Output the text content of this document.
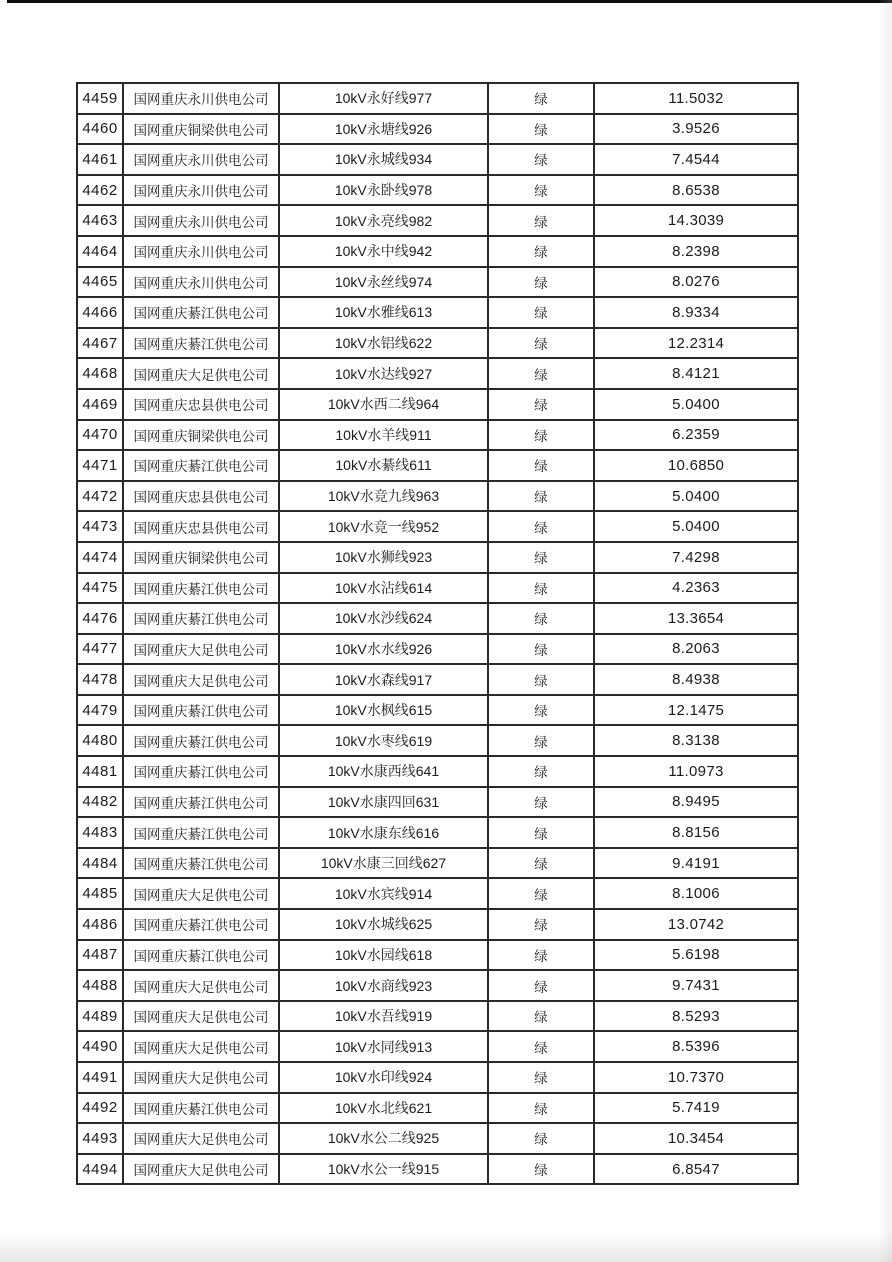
4459	国网重庆永川供电公司	10kV永好线977	绿	11.5032
4460	国网重庆铜梁供电公司	10kV永塘线926	绿	3.9526
4461	国网重庆永川供电公司	10kV永城线934	绿	7.4544
4462	国网重庆永川供电公司	10kV永卧线978	绿	8.6538
4463	国网重庆永川供电公司	10kV永亮线982	绿	14.3039
4464	国网重庆永川供电公司	10kV永中线942	绿	8.2398
4465	国网重庆永川供电公司	10kV永丝线974	绿	8.0276
4466	国网重庆綦江供电公司	10kV水雅线613	绿	8.9334
4467	国网重庆綦江供电公司	10kV水铝线622	绿	12.2314
4468	国网重庆大足供电公司	10kV水达线927	绿	8.4121
4469	国网重庆忠县供电公司	10kV水西二线964	绿	5.0400
4470	国网重庆铜梁供电公司	10kV水羊线911	绿	6.2359
4471	国网重庆綦江供电公司	10kV水綦线611	绿	10.6850
4472	国网重庆忠县供电公司	10kV水竞九线963	绿	5.0400
4473	国网重庆忠县供电公司	10kV水竞一线952	绿	5.0400
4474	国网重庆铜梁供电公司	10kV水狮线923	绿	7.4298
4475	国网重庆綦江供电公司	10kV水沾线614	绿	4.2363
4476	国网重庆綦江供电公司	10kV水沙线624	绿	13.3654
4477	国网重庆大足供电公司	10kV水水线926	绿	8.2063
4478	国网重庆大足供电公司	10kV水森线917	绿	8.4938
4479	国网重庆綦江供电公司	10kV水枫线615	绿	12.1475
4480	国网重庆綦江供电公司	10kV水枣线619	绿	8.3138
4481	国网重庆綦江供电公司	10kV水康西线641	绿	11.0973
4482	国网重庆綦江供电公司	10kV水康四回631	绿	8.9495
4483	国网重庆綦江供电公司	10kV水康东线616	绿	8.8156
4484	国网重庆綦江供电公司	10kV水康三回线627	绿	9.4191
4485	国网重庆大足供电公司	10kV水宾线914	绿	8.1006
4486	国网重庆綦江供电公司	10kV水城线625	绿	13.0742
4487	国网重庆綦江供电公司	10kV水园线618	绿	5.6198
4488	国网重庆大足供电公司	10kV水商线923	绿	9.7431
4489	国网重庆大足供电公司	10kV水吾线919	绿	8.5293
4490	国网重庆大足供电公司	10kV水同线913	绿	8.5396
4491	国网重庆大足供电公司	10kV水印线924	绿	10.7370
4492	国网重庆綦江供电公司	10kV水北线621	绿	5.7419
4493	国网重庆大足供电公司	10kV水公二线925	绿	10.3454
4494	国网重庆大足供电公司	10kV水公一线915	绿	6.8547
